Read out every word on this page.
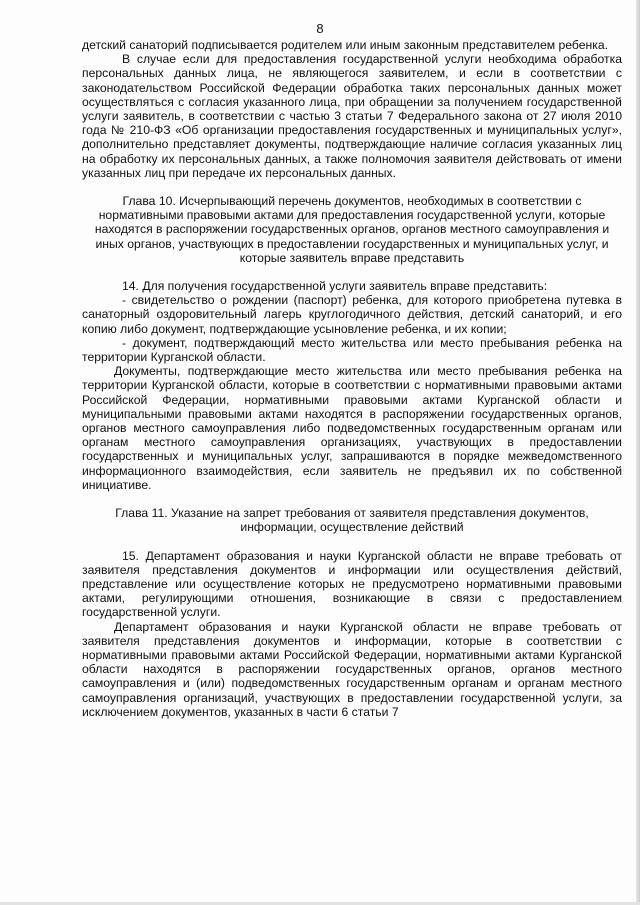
8

детский санаторий подписывается родителем или иным законным представителем ребенка.

В случае если для предоставления государственной услуги необходима обработка персональных данных лица, не являющегося заявителем, и если в соответствии с законодательством Российской Федерации обработка таких персональных данных может осуществляться с согласия указанного лица, при обращении за получением государственной услуги заявитель, в соответствии с частью 3 статьи 7 Федерального закона от 27 июля 2010 года № 210-ФЗ «Об организации предоставления государственных и муниципальных услуг», дополнительно представляет документы, подтверждающие наличие согласия указанных лиц на обработку их персональных данных, а также полномочия заявителя действовать от имени указанных лиц при передаче их персональных данных.

Глава 10. Исчерпывающий перечень документов, необходимых в соответствии с нормативными правовыми актами для предоставления государственной услуги, которые находятся в распоряжении государственных органов, органов местного самоуправления и иных органов, участвующих в предоставлении государственных и муниципальных услуг, и которые заявитель вправе представить

14. Для получения государственной услуги заявитель вправе представить:

- свидетельство о рождении (паспорт) ребенка, для которого приобретена путевка в санаторный оздоровительный лагерь круглогодичного действия, детский санаторий, и его копию либо документ, подтверждающие усыновление ребенка, и их копии;

- документ, подтверждающий место жительства или место пребывания ребенка на территории Курганской области.

Документы, подтверждающие место жительства или место пребывания ребенка на территории Курганской области, которые в соответствии с нормативными правовыми актами Российской Федерации, нормативными правовыми актами Курганской области и муниципальными правовыми актами находятся в распоряжении государственных органов, органов местного самоуправления либо подведомственных государственным органам или органам местного самоуправления организациях, участвующих в предоставлении государственных и муниципальных услуг, запрашиваются в порядке межведомственного информационного взаимодействия, если заявитель не предъявил их по собственной инициативе.

Глава 11. Указание на запрет требования от заявителя представления документов, информации, осуществление действий

15. Департамент образования и науки Курганской области не вправе требовать от заявителя представления документов и информации или осуществления действий, представление или осуществление которых не предусмотрено нормативными правовыми актами, регулирующими отношения, возникающие в связи с предоставлением государственной услуги.

Департамент образования и науки Курганской области не вправе требовать от заявителя представления документов и информации, которые в соответствии с нормативными правовыми актами Российской Федерации, нормативными актами Курганской области находятся в распоряжении государственных органов, органов местного самоуправления и (или) подведомственных государственным органам и органам местного самоуправления организаций, участвующих в предоставлении государственной услуги, за исключением документов, указанных в части 6 статьи 7
